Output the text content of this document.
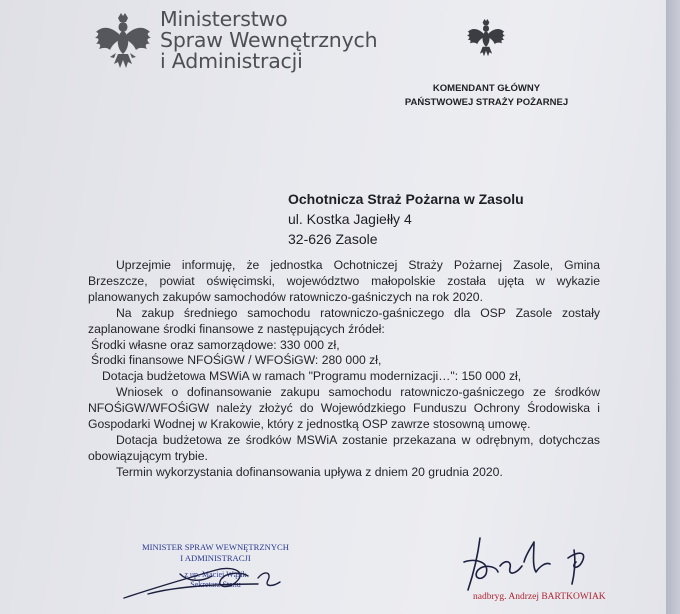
Ministerstwo
Spraw Wewnętrznych
i Administracji
KOMENDANT GŁÓWNY
PAŃSTWOWEJ STRAŻY POŻARNEJ
Ochotnicza Straż Pożarna w Zasolu
ul. Kostka Jagiełły 4
32-626 Zasole

Uprzejmie informuję, że jednostka Ochotniczej Straży Pożarnej Zasole, Gmina Brzeszcze, powiat oświęcimski, województwo małopolskie została ujęta w wykazie planowanych zakupów samochodów ratowniczo-gaśniczych na rok 2020.

Na zakup średniego samochodu ratowniczo-gaśniczego dla OSP Zasole zostały zaplanowane środki finansowe z następujących źródeł:

Środki własne oraz samorządowe: 330 000 zł,

Środki finansowe NFOŚiGW / WFOŚiGW: 280 000 zł,

Dotacja budżetowa MSWiA w ramach "Programu modernizacji…": 150 000 zł,

Wniosek o dofinansowanie zakupu samochodu ratowniczo-gaśniczego ze środków NFOŚiGW/WFOŚiGW należy złożyć do Wojewódzkiego Funduszu Ochrony Środowiska i Gospodarki Wodnej w Krakowie, który z jednostką OSP zawrze stosowną umowę.

Dotacja budżetowa ze środków MSWiA zostanie przekazana w odrębnym, dotychczas obowiązującym trybie.

Termin wykorzystania dofinansowania upływa z dniem 20 grudnia 2020.

MINISTER SPRAW WEWNĘTRZNYCH
I ADMINISTRACJI
z up. Maciej Wąsik
Sekretarz Stanu
nadbryg. Andrzej BARTKOWIAK
